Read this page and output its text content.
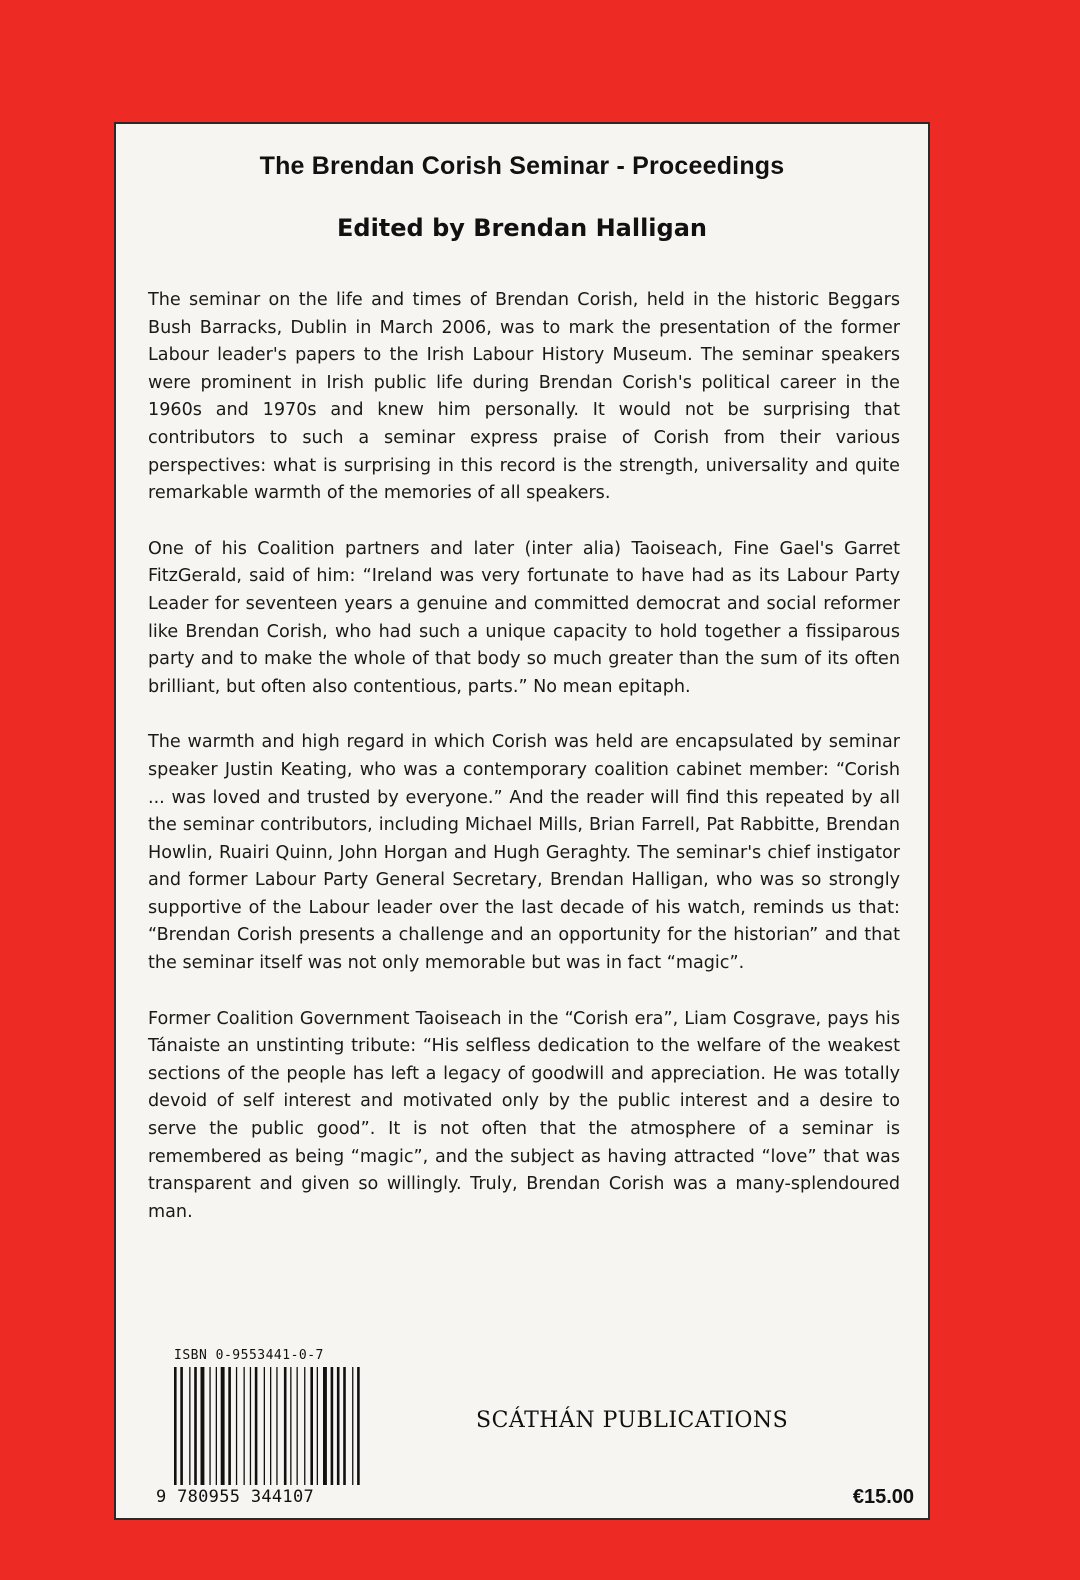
The Brendan Corish Seminar - Proceedings
Edited by Brendan Halligan

The seminar on the life and times of Brendan Corish, held in the historic Beggars Bush Barracks, Dublin in March 2006, was to mark the presentation of the former Labour leader's papers to the Irish Labour History Museum. The seminar speakers were prominent in Irish public life during Brendan Corish's political career in the 1960s and 1970s and knew him personally. It would not be surprising that contributors to such a seminar express praise of Corish from their various perspectives: what is surprising in this record is the strength, universality and quite remarkable warmth of the memories of all speakers.

One of his Coalition partners and later (inter alia) Taoiseach, Fine Gael's Garret FitzGerald, said of him: “Ireland was very fortunate to have had as its Labour Party Leader for seventeen years a genuine and committed democrat and social reformer like Brendan Corish, who had such a unique capacity to hold together a fissiparous party and to make the whole of that body so much greater than the sum of its often brilliant, but often also contentious, parts.” No mean epitaph.

The warmth and high regard in which Corish was held are encapsulated by seminar speaker Justin Keating, who was a contemporary coalition cabinet member: “Corish ... was loved and trusted by everyone.” And the reader will find this repeated by all the seminar contributors, including Michael Mills, Brian Farrell, Pat Rabbitte, Brendan Howlin, Ruairi Quinn, John Horgan and Hugh Geraghty. The seminar's chief instigator and former Labour Party General Secretary, Brendan Halligan, who was so strongly supportive of the Labour leader over the last decade of his watch, reminds us that: “Brendan Corish presents a challenge and an opportunity for the historian” and that the seminar itself was not only memorable but was in fact “magic”.

Former Coalition Government Taoiseach in the “Corish era”, Liam Cosgrave, pays his Tánaiste an unstinting tribute: “His selfless dedication to the welfare of the weakest sections of the people has left a legacy of goodwill and appreciation. He was totally devoid of self interest and motivated only by the public interest and a desire to serve the public good”. It is not often that the atmosphere of a seminar is remembered as being “magic”, and the subject as having attracted “love” that was transparent and given so willingly. Truly, Brendan Corish was a many-splendoured man.

ISBN 0-9553441-0-7
9 780955 344107
SCÁTHÁN PUBLICATIONS
€15.00
